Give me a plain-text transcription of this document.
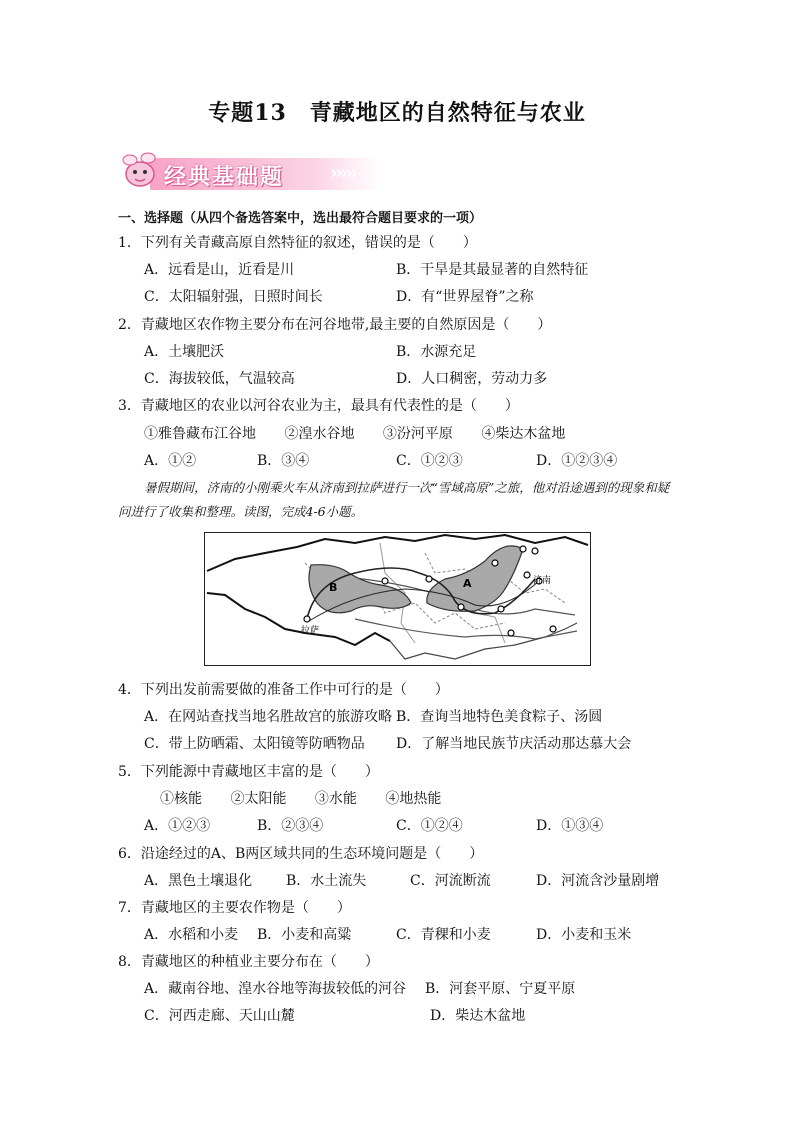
专题13　青藏地区的自然特征与农业
经典基础题 ›››››
一、选择题（从四个备选答案中，选出最符合题目要求的一项）
1．下列有关青藏高原自然特征的叙述，错误的是（　　）
A．远看是山，近看是川	B．干旱是其最显著的自然特征
C．太阳辐射强，日照时间长	D．有“世界屋脊”之称
2．青藏地区农作物主要分布在河谷地带,最主要的自然原因是（　　）
A．土壤肥沃	B．水源充足
C．海拔较低，气温较高	D．人口稠密，劳动力多
3．青藏地区的农业以河谷农业为主，最具有代表性的是（　　）
①雅鲁藏布江谷地 ②湟水谷地 ③汾河平原 ④柴达木盆地
A．①②	B．③④	C．①②③	D．①②③④
暑假期间，济南的小刚乘火车从济南到拉萨进行一次“雪域高原”之旅，他对沿途遇到的现象和疑问进行了收集和整理。读图，完成4-6小题。
B	A
拉萨
济南
4．下列出发前需要做的准备工作中可行的是（　　）
A．在网站查找当地名胜故宫的旅游攻略 B．查询当地特色美食粽子、汤圆
C．带上防晒霜、太阳镜等防晒物品 D．了解当地民族节庆活动那达慕大会
5．下列能源中青藏地区丰富的是（　　）
①核能 ②太阳能 ③水能 ④地热能
A．①②③	B．②③④	C．①②④	D．①③④
6．沿途经过的A、B两区域共同的生态环境问题是（　　）
A．黑色土壤退化 B．水土流失	C．河流断流	D．河流含沙量剧增
7．青藏地区的主要农作物是（　　）
A．水稻和小麦 B．小麦和高粱	C．青稞和小麦	D．小麦和玉米
8．青藏地区的种植业主要分布在（　　）
A．藏南谷地、湟水谷地等海拔较低的河谷 B．河套平原、宁夏平原
C．河西走廊、天山山麓	D．柴达木盆地
